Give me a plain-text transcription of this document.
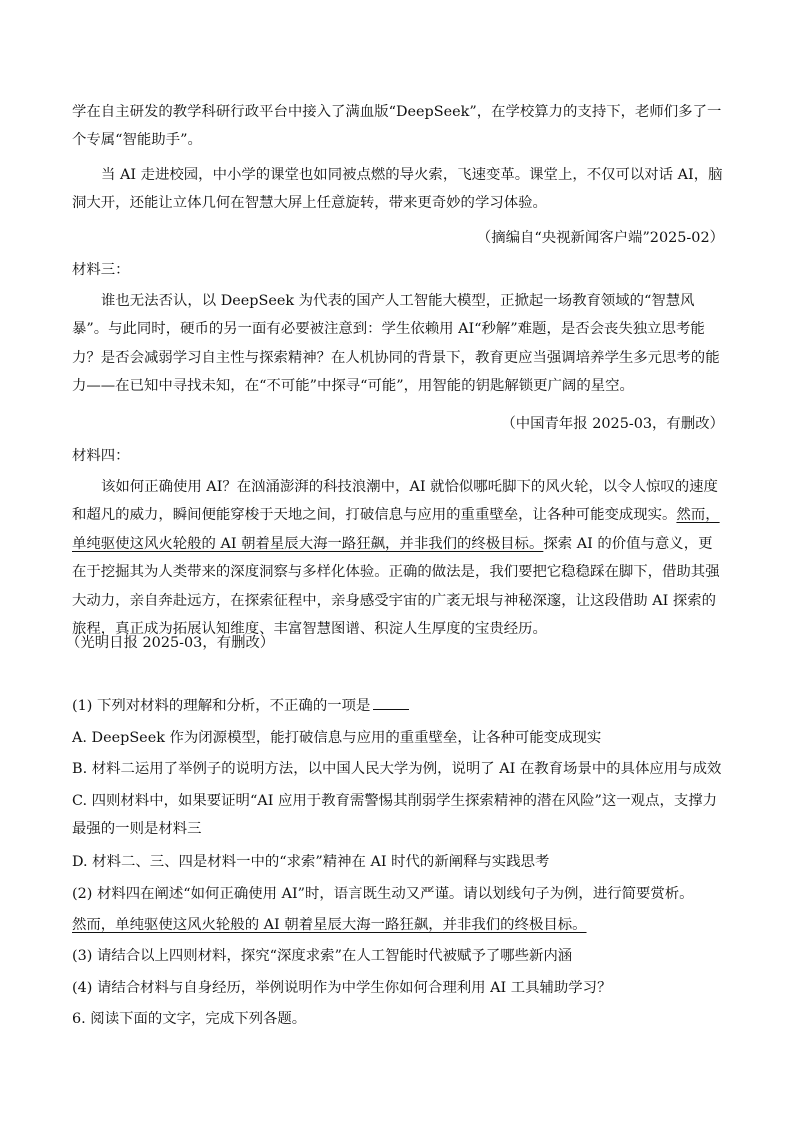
学在自主研发的教学科研行政平台中接入了满血版“DeepSeek”，在学校算力的支持下，老师们多了一个专属“智能助手”。

当 AI 走进校园，中小学的课堂也如同被点燃的导火索，飞速变革。课堂上，不仅可以对话 AI，脑洞大开，还能让立体几何在智慧大屏上任意旋转，带来更奇妙的学习体验。

（摘编自“央视新闻客户端”2025-02）

材料三：

谁也无法否认，以 DeepSeek 为代表的国产人工智能大模型，正掀起一场教育领域的“智慧风暴”。与此同时，硬币的另一面有必要被注意到：学生依赖用 AI“秒解”难题，是否会丧失独立思考能力？是否会减弱学习自主性与探索精神？在人机协同的背景下，教育更应当强调培养学生多元思考的能力——在已知中寻找未知，在“不可能”中探寻“可能”，用智能的钥匙解锁更广阔的星空。

（中国青年报 2025-03，有删改）

材料四：

该如何正确使用 AI？在汹涌澎湃的科技浪潮中，AI 就恰似哪吒脚下的风火轮，以令人惊叹的速度和超凡的威力，瞬间便能穿梭于天地之间，打破信息与应用的重重壁垒，让各种可能变成现实。然而，单纯驱使这风火轮般的 AI 朝着星辰大海一路狂飙，并非我们的终极目标。探索 AI 的价值与意义，更在于挖掘其为人类带来的深度洞察与多样化体验。正确的做法是，我们要把它稳稳踩在脚下，借助其强大动力，亲自奔赴远方，在探索征程中，亲身感受宇宙的广袤无垠与神秘深邃，让这段借助 AI 探索的旅程，真正成为拓展认知维度、丰富智慧图谱、积淀人生厚度的宝贵经历。

（光明日报 2025-03，有删改）

(1) 下列对材料的理解和分析，不正确的一项是

A. DeepSeek 作为闭源模型，能打破信息与应用的重重壁垒，让各种可能变成现实

B. 材料二运用了举例子的说明方法，以中国人民大学为例，说明了 AI 在教育场景中的具体应用与成效

C. 四则材料中，如果要证明“AI 应用于教育需警惕其削弱学生探索精神的潜在风险”这一观点，支撑力最强的一则是材料三

D. 材料二、三、四是材料一中的“求索”精神在 AI 时代的新阐释与实践思考

(2) 材料四在阐述“如何正确使用 AI”时，语言既生动又严谨。请以划线句子为例，进行简要赏析。

然而，单纯驱使这风火轮般的 AI 朝着星辰大海一路狂飙，并非我们的终极目标。

(3) 请结合以上四则材料，探究“深度求索”在人工智能时代被赋予了哪些新内涵

(4) 请结合材料与自身经历，举例说明作为中学生你如何合理利用 AI 工具辅助学习？

6. 阅读下面的文字，完成下列各题。
